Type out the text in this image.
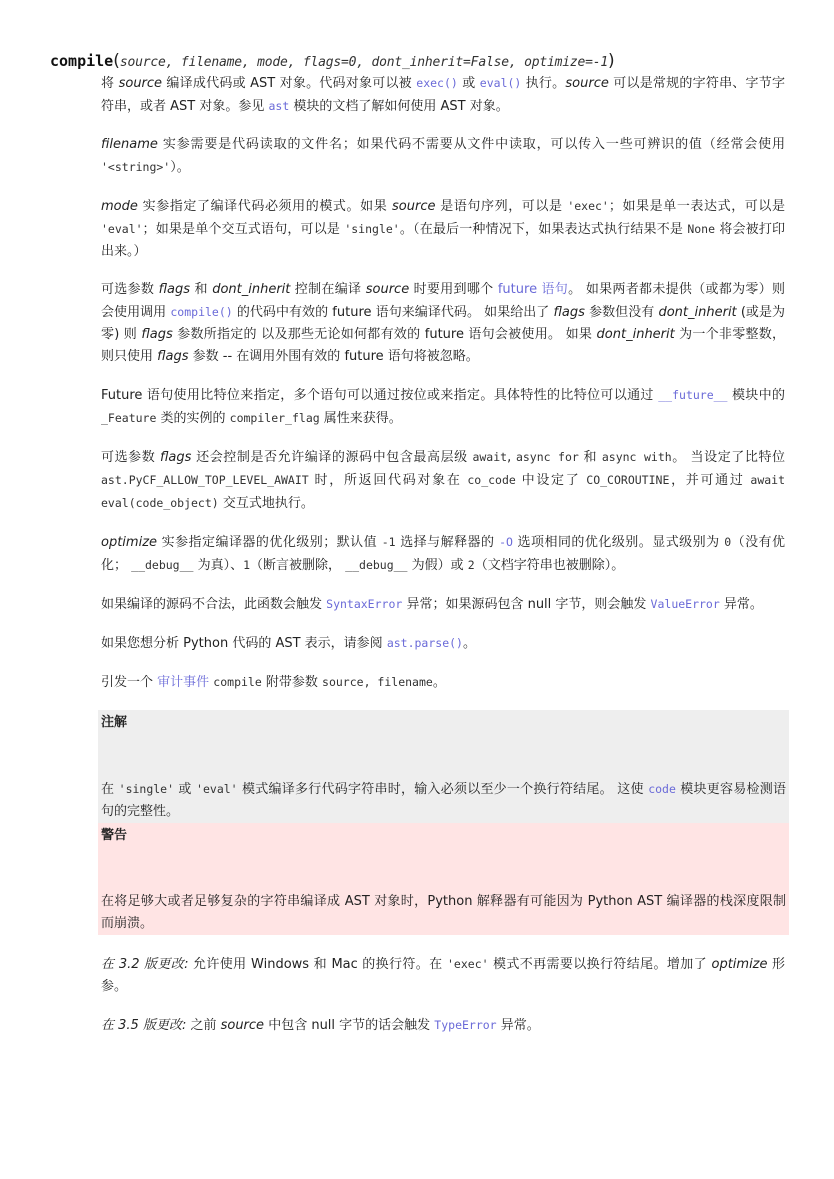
compile(source, filename, mode, flags=0, dont_inherit=False, optimize=-1)

将 source 编译成代码或 AST 对象。代码对象可以被 exec() 或 eval() 执行。source 可以是常规的字符串、字节字符串，或者 AST 对象。参见 ast 模块的文档了解如何使用 AST 对象。

filename 实参需要是代码读取的文件名；如果代码不需要从文件中读取，可以传入一些可辨识的值（经常会使用 '<string>'）。

mode 实参指定了编译代码必须用的模式。如果 source 是语句序列，可以是 'exec'；如果是单一表达式，可以是 'eval'；如果是单个交互式语句，可以是 'single'。（在最后一种情况下，如果表达式执行结果不是 None 将会被打印出来。）

可选参数 flags 和 dont_inherit 控制在编译 source 时要用到哪个 future 语句。 如果两者都未提供（或都为零）则会使用调用 compile() 的代码中有效的 future 语句来编译代码。 如果给出了 flags 参数但没有 dont_inherit (或是为零) 则 flags 参数所指定的 以及那些无论如何都有效的 future 语句会被使用。 如果 dont_inherit 为一个非零整数，则只使用 flags 参数 -- 在调用外围有效的 future 语句将被忽略。

Future 语句使用比特位来指定，多个语句可以通过按位或来指定。具体特性的比特位可以通过 __future__ 模块中的 _Feature 类的实例的 compiler_flag 属性来获得。

可选参数 flags 还会控制是否允许编译的源码中包含最高层级 await, async for 和 async with。 当设定了比特位 ast.PyCF_ALLOW_TOP_LEVEL_AWAIT 时，所返回代码对象在 co_code 中设定了 CO_COROUTINE，并可通过 await eval(code_object) 交互式地执行。

optimize 实参指定编译器的优化级别；默认值 -1 选择与解释器的 -O 选项相同的优化级别。显式级别为 0（没有优化； __debug__ 为真）、1（断言被删除， __debug__ 为假）或 2（文档字符串也被删除）。

如果编译的源码不合法，此函数会触发 SyntaxError 异常；如果源码包含 null 字节，则会触发 ValueError 异常。

如果您想分析 Python 代码的 AST 表示，请参阅 ast.parse()。

引发一个 审计事件 compile 附带参数 source, filename。

注解

在 'single' 或 'eval' 模式编译多行代码字符串时，输入必须以至少一个换行符结尾。 这使 code 模块更容易检测语句的完整性。

警告

在将足够大或者足够复杂的字符串编译成 AST 对象时，Python 解释器有可能因为 Python AST 编译器的栈深度限制而崩溃。

在 3.2 版更改: 允许使用 Windows 和 Mac 的换行符。在 'exec' 模式不再需要以换行符结尾。增加了 optimize 形参。

在 3.5 版更改: 之前 source 中包含 null 字节的话会触发 TypeError 异常。
